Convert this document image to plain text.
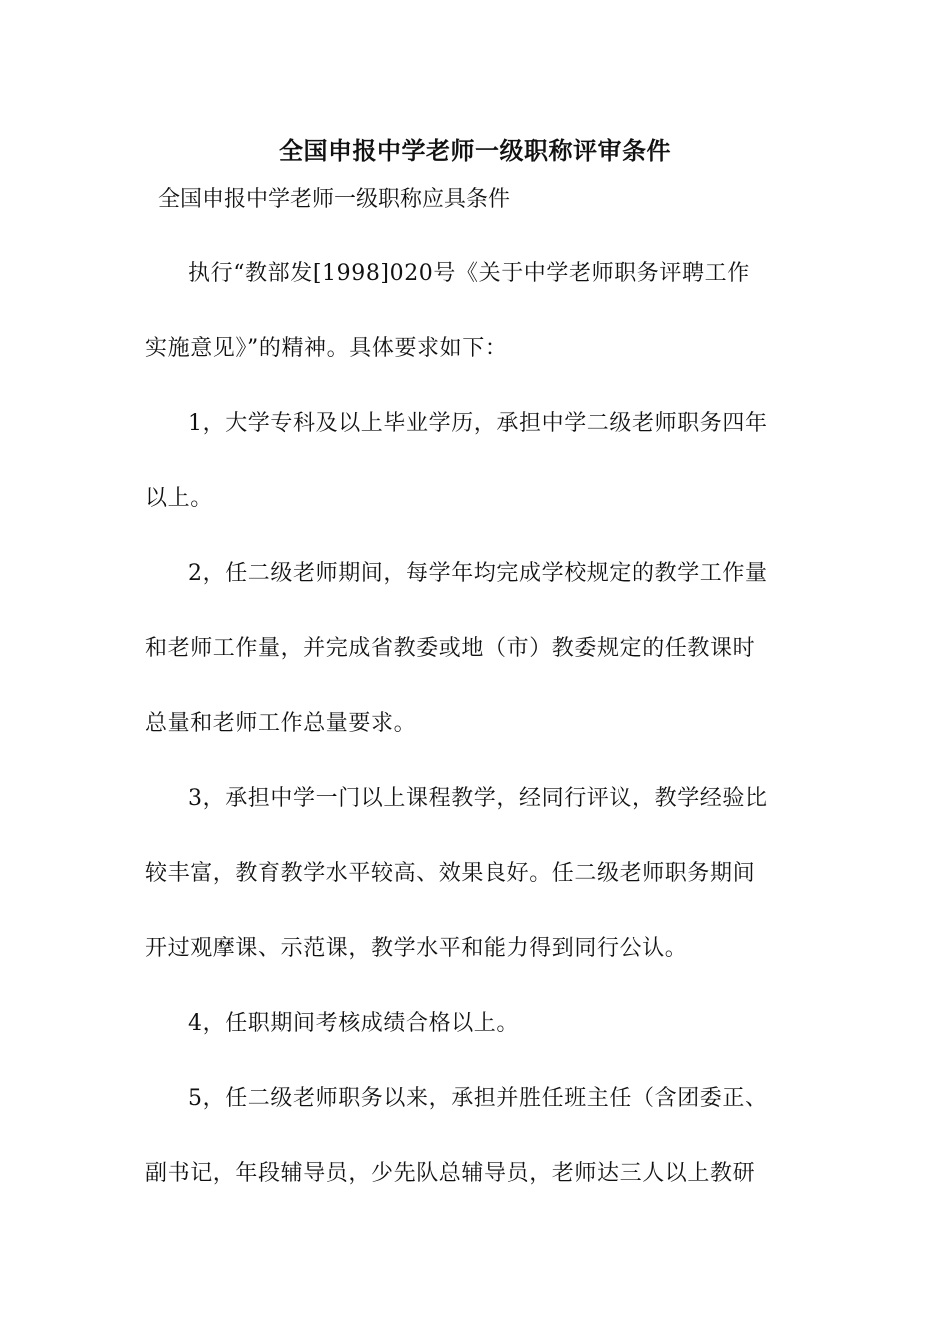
全国申报中学老师一级职称评审条件
全国申报中学老师一级职称应具条件
执行“教部发[1998]020号《关于中学老师职务评聘工作
实施意见》”的精神。具体要求如下：
1，大学专科及以上毕业学历，承担中学二级老师职务四年
以上。
2，任二级老师期间，每学年均完成学校规定的教学工作量
和老师工作量，并完成省教委或地（市）教委规定的任教课时
总量和老师工作总量要求。
3，承担中学一门以上课程教学，经同行评议，教学经验比
较丰富，教育教学水平较高、效果良好。任二级老师职务期间
开过观摩课、示范课，教学水平和能力得到同行公认。
4，任职期间考核成绩合格以上。
5，任二级老师职务以来，承担并胜任班主任（含团委正、
副书记，年段辅导员，少先队总辅导员，老师达三人以上教研
